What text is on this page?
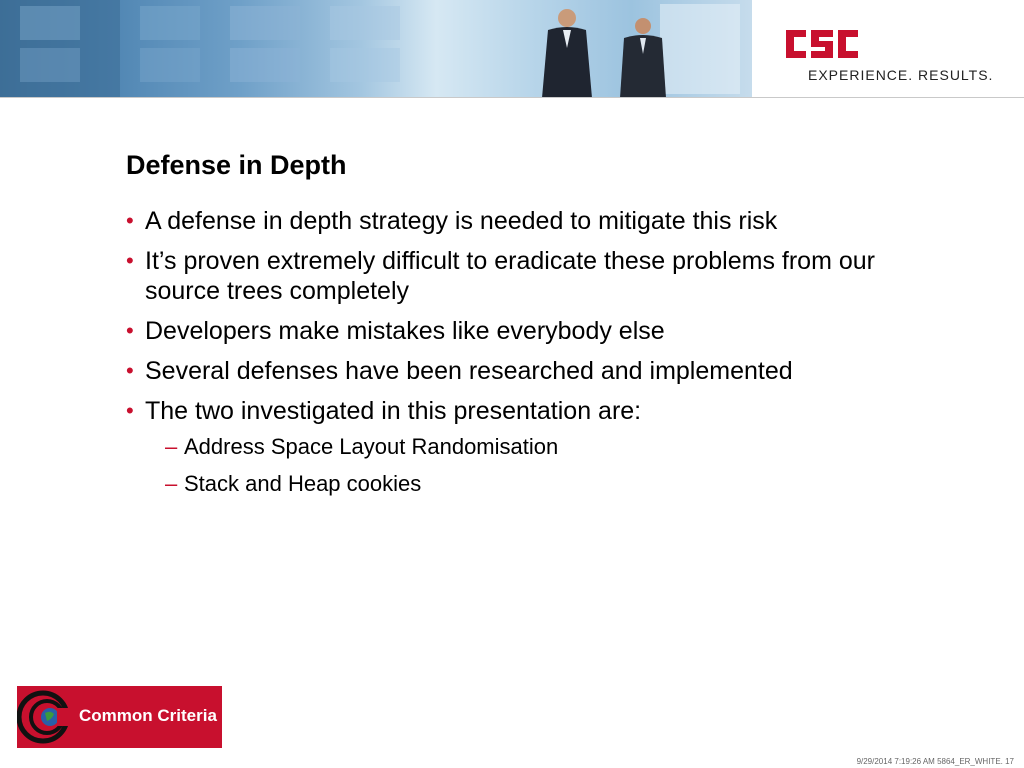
EXPERIENCE. RESULTS.
Defense in Depth
• A defense in depth strategy is needed to mitigate this risk
• It’s proven extremely difficult to eradicate these problems from our source trees completely
• Developers make mistakes like everybody else
• Several defenses have been researched and implemented
• The two investigated in this presentation are:
– Address Space Layout Randomisation
– Stack and Heap cookies
Common Criteria
9/29/2014 7:19:26 AM 5864_ER_WHITE. 17
